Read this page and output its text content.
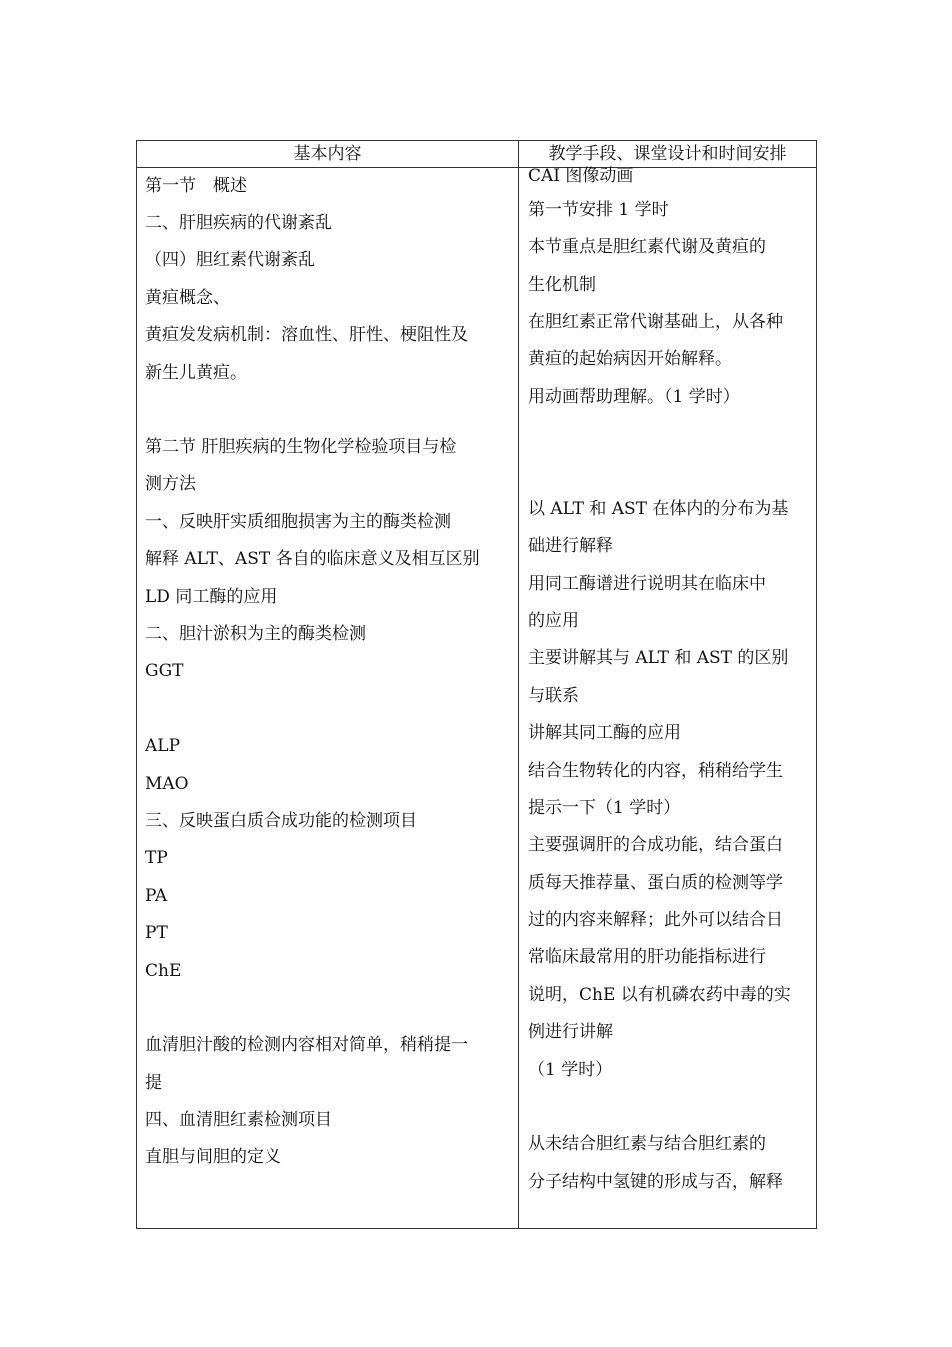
基本内容	教学手段、课堂设计和时间安排
第一节　概述
二、肝胆疾病的代谢紊乱
（四）胆红素代谢紊乱
黄疸概念、
黄疸发发病机制：溶血性、肝性、梗阻性及
新生儿黄疸。
第二节 肝胆疾病的生物化学检验项目与检
测方法
一、反映肝实质细胞损害为主的酶类检测
解释 ALT、AST 各自的临床意义及相互区别
LD 同工酶的应用
二、胆汁淤积为主的酶类检测
GGT
ALP
MAO
三、反映蛋白质合成功能的检测项目
TP
PA
PT
ChE
血清胆汁酸的检测内容相对简单，稍稍提一
提
四、血清胆红素检测项目
直胆与间胆的定义
CAI 图像动画
第一节安排 1 学时
本节重点是胆红素代谢及黄疸的
生化机制
在胆红素正常代谢基础上，从各种
黄疸的起始病因开始解释。
用动画帮助理解。（1 学时）
以 ALT 和 AST 在体内的分布为基
础进行解释
用同工酶谱进行说明其在临床中
的应用
主要讲解其与 ALT 和 AST 的区别
与联系
讲解其同工酶的应用
结合生物转化的内容，稍稍给学生
提示一下（1 学时）
主要强调肝的合成功能，结合蛋白
质每天推荐量、蛋白质的检测等学
过的内容来解释；此外可以结合日
常临床最常用的肝功能指标进行
说明，ChE 以有机磷农药中毒的实
例进行讲解
（1 学时）
从未结合胆红素与结合胆红素的
分子结构中氢键的形成与否，解释
